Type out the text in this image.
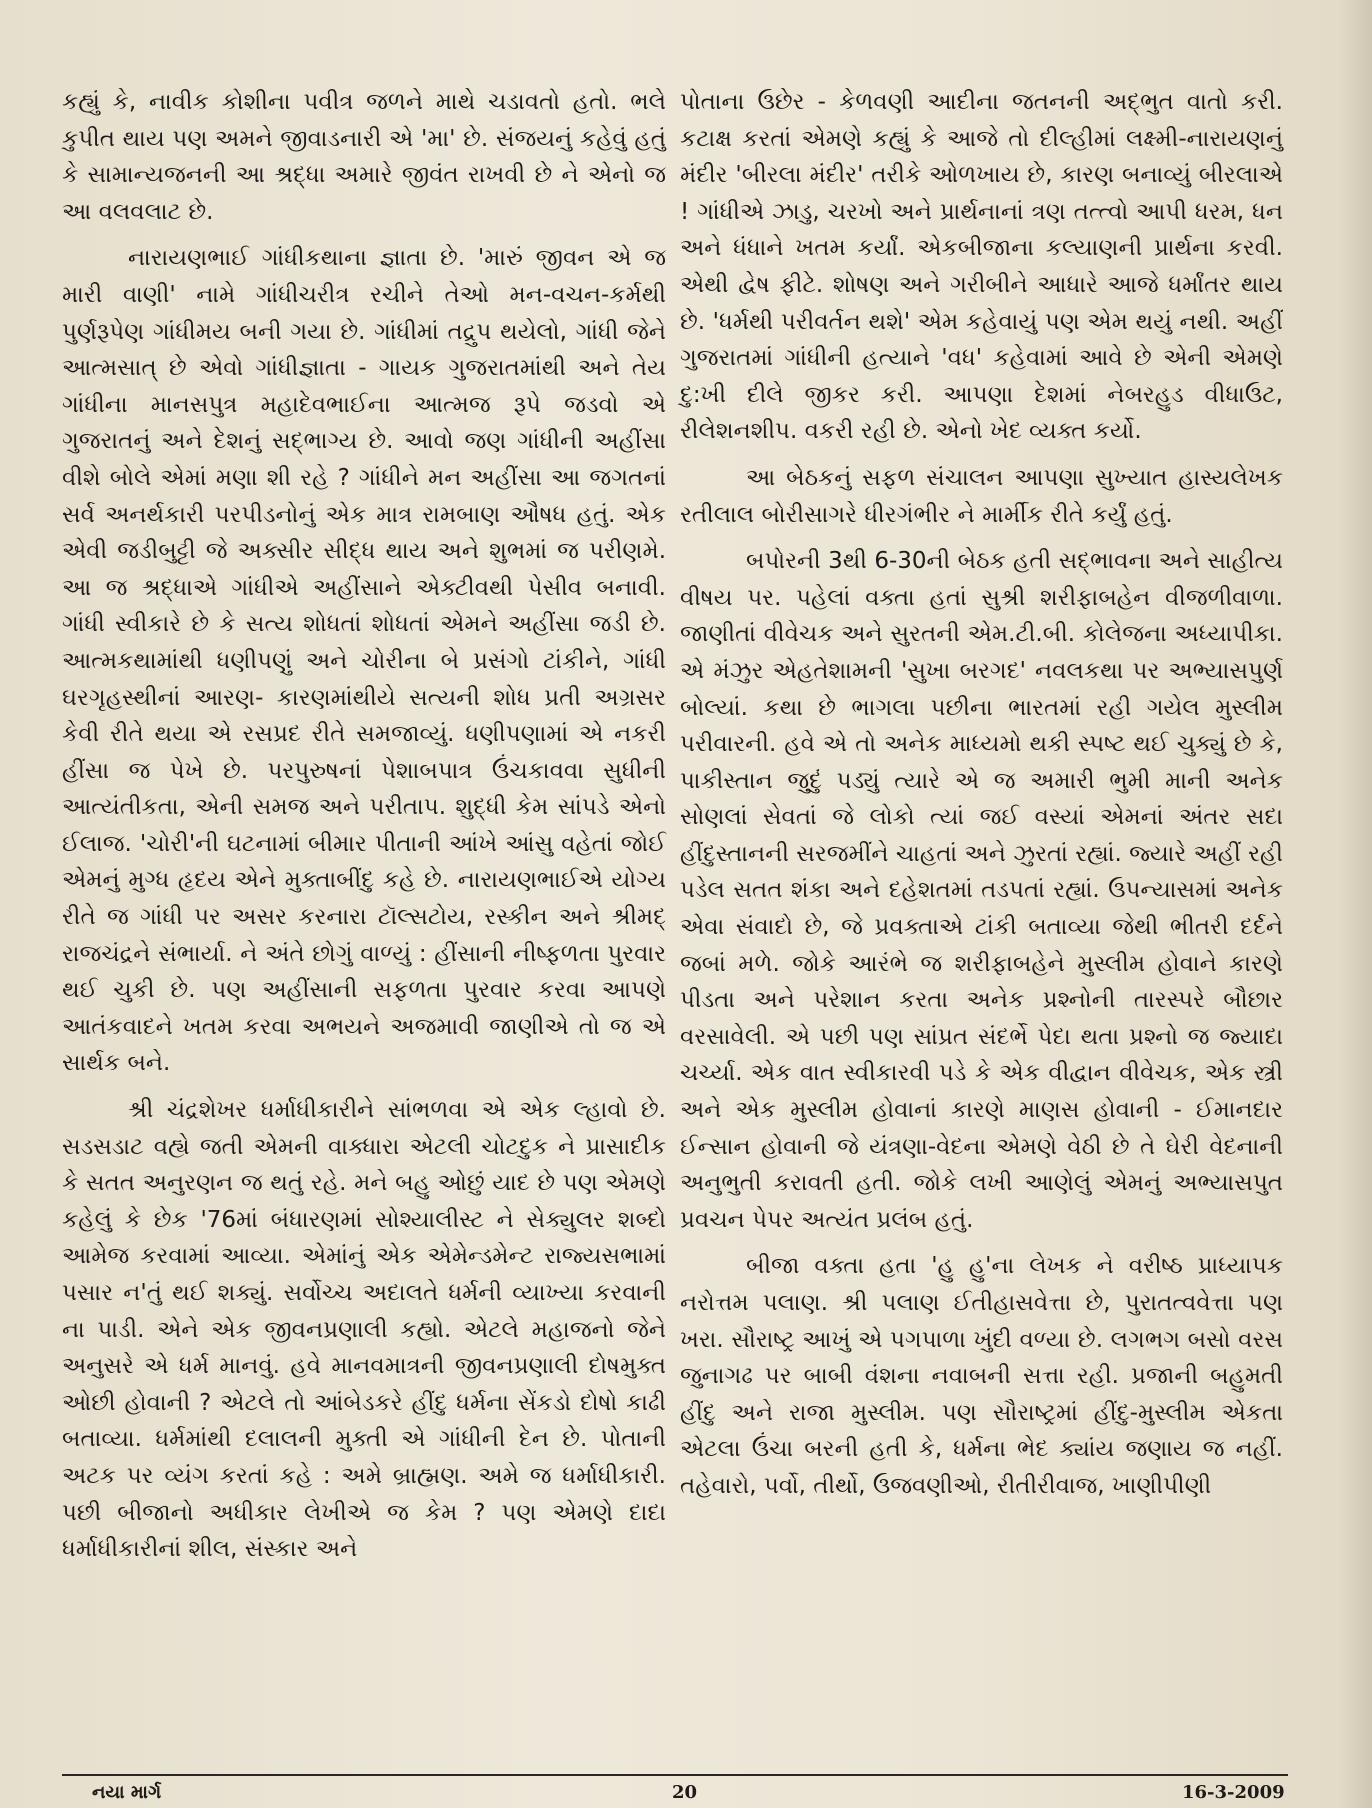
કહ્યું કે, નાવીક કોશીના પવીત્ર જળને માથે ચડાવતો હતો. ભલે કુપીત થાય પણ અમને જીવાડનારી એ 'મા' છે. સંજયનું કહેવું હતું કે સામાન્યજનની આ શ્રદ્ધા અમારે જીવંત રાખવી છે ને એનો જ આ વલવલાટ છે.

નારાયણભાઈ ગાંધીકથાના જ્ઞાતા છે. 'મારું જીવન એ જ મારી વાણી' નામે ગાંધીચરીત્ર રચીને તેઓ મન-વચન-કર્મથી પુર્ણરૂપેણ ગાંધીમય બની ગયા છે. ગાંધીમાં તદ્રુપ થયેલો, ગાંધી જેને આત્મસાત્ છે એવો ગાંધીજ્ઞાતા - ગાયક ગુજરાતમાંથી અને તેય ગાંધીના માનસપુત્ર મહાદેવભાઈના આત્મજ રૂપે જડવો એ ગુજરાતનું અને દેશનું સદ્ભાગ્ય છે. આવો જણ ગાંધીની અહીંસા વીશે બોલે એમાં મણા શી રહે ? ગાંધીને મન અહીંસા આ જગતનાં સર્વ અનર્થકારી પરપીડનોનું એક માત્ર રામબાણ ઔષધ હતું. એક એવી જડીબુટ્ટી જે અક્સીર સીદ્ધ થાય અને શુભમાં જ પરીણમે. આ જ શ્રદ્ધાએ ગાંધીએ અહીંસાને એક્ટીવથી પેસીવ બનાવી. ગાંધી સ્વીકારે છે કે સત્ય શોધતાં શોધતાં એમને અહીંસા જડી છે. આત્મકથામાંથી ધણીપણું અને ચોરીના બે પ્રસંગો ટાંકીને, ગાંધી ઘરગૃહસ્થીનાં આરણ- કારણમાંથીયે સત્યની શોધ પ્રતી અગ્રસર કેવી રીતે થયા એ રસપ્રદ રીતે સમજાવ્યું. ધણીપણામાં એ નકરી હીંસા જ પેખે છે. પરપુરુષનાં પેશાબપાત્ર ઉંચકાવવા સુધીની આત્યંતીકતા, એની સમજ અને પરીતાપ. શુદ્ધી કેમ સાંપડે એનો ઈલાજ. 'ચોરી'ની ઘટનામાં બીમાર પીતાની આંખે આંસુ વહેતાં જોઈ એમનું મુગ્ધ હૃદય એને મુક્તાબીંદુ કહે છે. નારાયણભાઈએ યોગ્ય રીતે જ ગાંધી પર અસર કરનારા ટૉલ્સટોય, રસ્કીન અને શ્રીમદ્ રાજચંદ્રને સંભાર્યા. ને અંતે છોગું વાળ્યું : હીંસાની નીષ્ફળતા પુરવાર થઈ ચુકી છે. પણ અહીંસાની સફળતા પુરવાર કરવા આપણે આતંકવાદને ખતમ કરવા અભયને અજમાવી જાણીએ તો જ એ સાર્થક બને.

શ્રી ચંદ્રશેખર ધર્માધીકારીને સાંભળવા એ એક લ્હાવો છે. સડસડાટ વહ્યે જતી એમની વાક્ધારા એટલી ચોટદુક ને પ્રાસાદીક કે સતત અનુરણન જ થતું રહે. મને બહુ ઓછું યાદ છે પણ એમણે કહેલું કે છેક '76માં બંધારણમાં સોશ્યાલીસ્ટ ને સેક્યુલર શબ્દો આમેજ કરવામાં આવ્યા. એમાંનું એક એમેન્ડમેન્ટ રાજ્યસભામાં પસાર ન'તું થઈ શક્યું. સર્વોચ્ચ અદાલતે ધર્મની વ્યાખ્યા કરવાની ના પાડી. એને એક જીવનપ્રણાલી કહ્યો. એટલે મહાજનો જેને અનુસરે એ ધર્મ માનવું. હવે માનવમાત્રની જીવનપ્રણાલી દોષમુક્ત ઓછી હોવાની ? એટલે તો આંબેડકરે હીંદુ ધર્મના સેંકડો દોષો કાઢી બતાવ્યા. ધર્મમાંથી દલાલની મુક્તી એ ગાંધીની દેન છે. પોતાની અટક પર વ્યંગ કરતાં કહે : અમે બ્રાહ્મણ. અમે જ ધર્માધીકારી. પછી બીજાનો અધીકાર લેખીએ જ કેમ ? પણ એમણે દાદા ધર્માધીકારીનાં શીલ, સંસ્કાર અને

પોતાના ઉછેર - કેળવણી આદીના જતનની અદ્ભુત વાતો કરી. કટાક્ષ કરતાં એમણે કહ્યું કે આજે તો દીલ્હીમાં લક્ષ્મી-નારાયણનું મંદીર 'બીરલા મંદીર' તરીકે ઓળખાય છે, કારણ બનાવ્યું બીરલાએ ! ગાંધીએ ઝાડુ, ચરખો અને પ્રાર્થનાનાં ત્રણ તત્ત્વો આપી ધરમ, ધન અને ધંધાને ખતમ કર્યાં. એકબીજાના કલ્યાણની પ્રાર્થના કરવી. એથી દ્વેષ ફીટે. શોષણ અને ગરીબીને આધારે આજે ધર્માંતર થાય છે. 'ધર્મથી પરીવર્તન થશે' એમ કહેવાયું પણ એમ થયું નથી. અહીં ગુજરાતમાં ગાંધીની હત્યાને 'વધ' કહેવામાં આવે છે એની એમણે દુ:ખી દીલે જીકર કરી. આપણા દેશમાં નેબરહુડ વીધાઉટ, રીલેશનશીપ. વકરી રહી છે. એનો ખેદ વ્યક્ત કર્યો.

આ બેઠકનું સફળ સંચાલન આપણા સુખ્યાત હાસ્યલેખક રતીલાલ બોરીસાગરે ધીરગંભીર ને માર્મીક રીતે કર્યું હતું.

બપોરની 3થી 6-30ની બેઠક હતી સદ્ભાવના અને સાહીત્ય વીષય પર. પહેલાં વક્તા હતાં સુશ્રી શરીફાબહેન વીજળીવાળા. જાણીતાં વીવેચક અને સુરતની એમ.ટી.બી. કોલેજના અધ્યાપીકા. એ મંઝુર એહતેશામની 'સુખા બરગદ' નવલકથા પર અભ્યાસપુર્ણ બોલ્યાં. કથા છે ભાગલા પછીના ભારતમાં રહી ગયેલ મુસ્લીમ પરીવારની. હવે એ તો અનેક માધ્યમો થકી સ્પષ્ટ થઈ ચુક્યું છે કે, પાકીસ્તાન જુદું પડ્યું ત્યારે એ જ અમારી ભુમી માની અનેક સોણલાં સેવતાં જે લોકો ત્યાં જઈ વસ્યાં એમનાં અંતર સદા હીંદુસ્તાનની સરજમીંને ચાહતાં અને ઝુરતાં રહ્યાં. જ્યારે અહીં રહી પડેલ સતત શંકા અને દહેશતમાં તડપતાં રહ્યાં. ઉપન્યાસમાં અનેક એવા સંવાદો છે, જે પ્રવક્તાએ ટાંકી બતાવ્યા જેથી ભીતરી દર્દને જબાં મળે. જોકે આરંભે જ શરીફાબહેને મુસ્લીમ હોવાને કારણે પીડતા અને પરેશાન કરતા અનેક પ્રશ્નોની તારસ્પરે બૌછાર વરસાવેલી. એ પછી પણ સાંપ્રત સંદર્ભે પેદા થતા પ્રશ્નો જ જ્યાદા ચર્ચ્યા. એક વાત સ્વીકારવી પડે કે એક વીદ્વાન વીવેચક, એક સ્ત્રી અને એક મુસ્લીમ હોવાનાં કારણે માણસ હોવાની - ઈમાનદાર ઈન્સાન હોવાની જે યંત્રણા-વેદના એમણે વેઠી છે તે ઘેરી વેદનાની અનુભુતી કરાવતી હતી. જોકે લખી આણેલું એમનું અભ્યાસપુત પ્રવચન પેપર અત્યંત પ્રલંબ હતું.

બીજા વક્તા હતા 'હુ હુ'ના લેખક ને વરીષ્ઠ પ્રાધ્યાપક નરોત્તમ પલાણ. શ્રી પલાણ ઈતીહાસવેત્તા છે, પુરાતત્વવેત્તા પણ ખરા. સૌરાષ્ટ્ર આખું એ પગપાળા ખુંદી વળ્યા છે. લગભગ બસો વરસ જુનાગઢ પર બાબી વંશના નવાબની સત્તા રહી. પ્રજાની બહુમતી હીંદુ અને રાજા મુસ્લીમ. પણ સૌરાષ્ટ્રમાં હીંદુ-મુસ્લીમ એકતા એટલા ઉંચા બરની હતી કે, ધર્મના ભેદ ક્યાંય જણાય જ નહીં. તહેવારો, પર્વો, તીર્થો, ઉજવણીઓ, રીતીરીવાજ, ખાણીપીણી

નયા માર્ગ	20	16-3-2009
